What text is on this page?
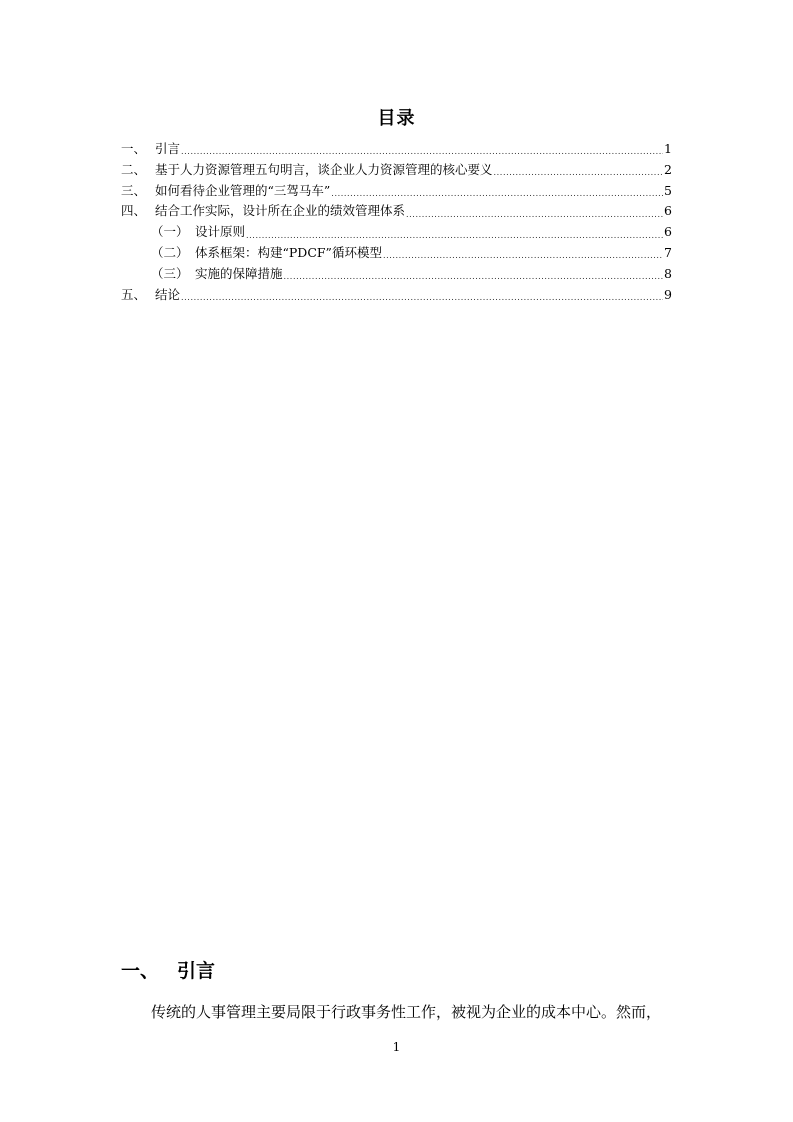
目录
一、 引言 .....	1
二、 基于人力资源管理五句明言，谈企业人力资源管理的核心要义 .....	2
三、 如何看待企业管理的“三驾马车” .....	5
四、 结合工作实际，设计所在企业的绩效管理体系 .....	6
（一） 设计原则 .....	6
（二） 体系框架：构建“PDCF”循环模型 .....	7
（三） 实施的保障措施 .....	8
五、 结论 .....	9
一、 引言
传统的人事管理主要局限于行政事务性工作，被视为企业的成本中心。然而，
1
